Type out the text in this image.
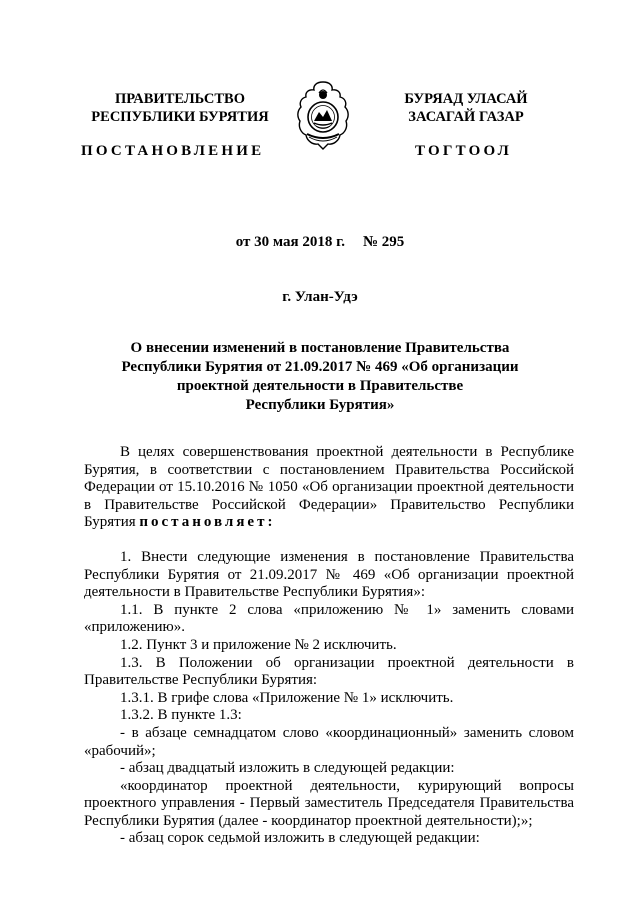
ПРАВИТЕЛЬСТВО
РЕСПУБЛИКИ БУРЯТИЯ
БУРЯАД УЛАСАЙ
ЗАСАГАЙ ГАЗАР
ПОСТАНОВЛЕНИЕ	ТОГТООЛ
от 30 мая 2018 г. № 295
г. Улан-Удэ
О внесении изменений в постановление Правительства
Республики Бурятия от 21.09.2017 № 469 «Об организации
проектной деятельности в Правительстве
Республики Бурятия»

В целях совершенствования проектной деятельности в Республике Бурятия, в соответствии с постановлением Правительства Российской Федерации от 15.10.2016 № 1050 «Об организации проектной деятельности в Правительстве Российской Федерации» Правительство Республики Бурятия постановляет:

1. Внести следующие изменения в постановление Правительства Республики Бурятия от 21.09.2017 № 469 «Об организации проектной деятельности в Правительстве Республики Бурятия»:

1.1. В пункте 2 слова «приложению № 1» заменить словами «приложению».

1.2. Пункт 3 и приложение № 2 исключить.

1.3. В Положении об организации проектной деятельности в Правительстве Республики Бурятия:

1.3.1. В грифе слова «Приложение № 1» исключить.

1.3.2. В пункте 1.3:

- в абзаце семнадцатом слово «координационный» заменить словом «рабочий»;

- абзац двадцатый изложить в следующей редакции:

«координатор проектной деятельности, курирующий вопросы проектного управления - Первый заместитель Председателя Правительства Республики Бурятия (далее - координатор проектной деятельности);»;

- абзац сорок седьмой изложить в следующей редакции:
